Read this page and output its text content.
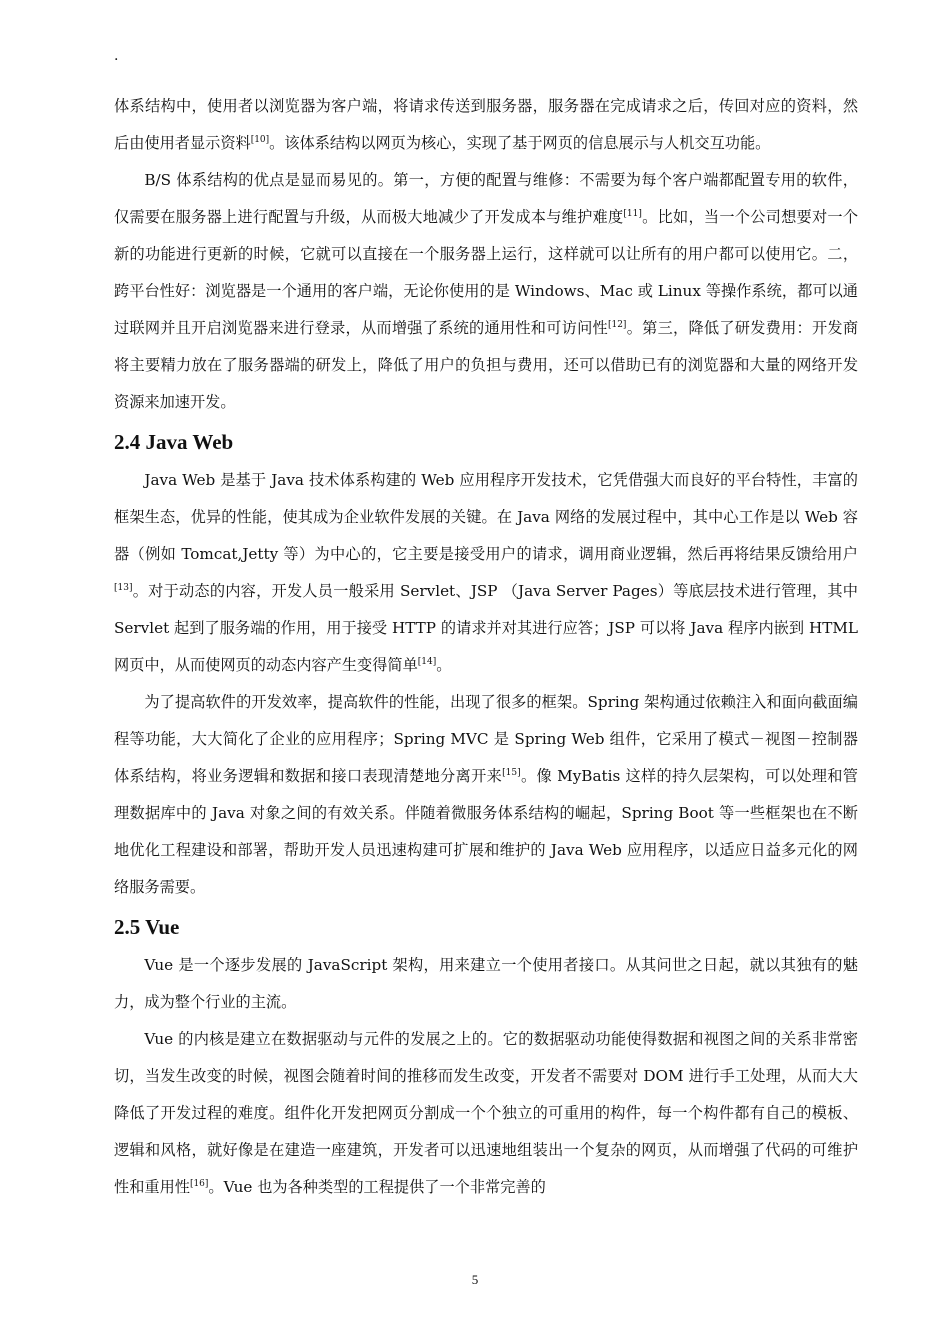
.

体系结构中，使用者以浏览器为客户端，将请求传送到服务器，服务器在完成请求之后，传回对应的资料，然后由使用者显示资料[10]。该体系结构以网页为核心，实现了基于网页的信息展示与人机交互功能。

B/S 体系结构的优点是显而易见的。第一，方便的配置与维修：不需要为每个客户端都配置专用的软件，仅需要在服务器上进行配置与升级，从而极大地减少了开发成本与维护难度[11]。比如，当一个公司想要对一个新的功能进行更新的时候，它就可以直接在一个服务器上运行，这样就可以让所有的用户都可以使用它。二，跨平台性好：浏览器是一个通用的客户端，无论你使用的是 Windows、Mac 或 Linux 等操作系统，都可以通过联网并且开启浏览器来进行登录，从而增强了系统的通用性和可访问性[12]。第三，降低了研发费用：开发商将主要精力放在了服务器端的研发上，降低了用户的负担与费用，还可以借助已有的浏览器和大量的网络开发资源来加速开发。

2.4 Java Web

Java Web 是基于 Java 技术体系构建的 Web 应用程序开发技术，它凭借强大而良好的平台特性，丰富的框架生态，优异的性能，使其成为企业软件发展的关键。在 Java 网络的发展过程中，其中心工作是以 Web 容器（例如 Tomcat,Jetty 等）为中心的，它主要是接受用户的请求，调用商业逻辑，然后再将结果反馈给用户[13]。对于动态的内容，开发人员一般采用 Servlet、JSP （Java Server Pages）等底层技术进行管理，其中 Servlet 起到了服务端的作用，用于接受 HTTP 的请求并对其进行应答；JSP 可以将 Java 程序内嵌到 HTML 网页中，从而使网页的动态内容产生变得简单[14]。

为了提高软件的开发效率，提高软件的性能，出现了很多的框架。Spring 架构通过依赖注入和面向截面编程等功能，大大简化了企业的应用程序；Spring MVC 是 Spring Web 组件，它采用了模式－视图－控制器体系结构，将业务逻辑和数据和接口表现清楚地分离开来[15]。像 MyBatis 这样的持久层架构，可以处理和管理数据库中的 Java 对象之间的有效关系。伴随着微服务体系结构的崛起，Spring Boot 等一些框架也在不断地优化工程建设和部署，帮助开发人员迅速构建可扩展和维护的 Java Web 应用程序，以适应日益多元化的网络服务需要。

2.5 Vue

Vue 是一个逐步发展的 JavaScript 架构，用来建立一个使用者接口。从其问世之日起，就以其独有的魅力，成为整个行业的主流。

Vue 的内核是建立在数据驱动与元件的发展之上的。它的数据驱动功能使得数据和视图之间的关系非常密切，当发生改变的时候，视图会随着时间的推移而发生改变，开发者不需要对 DOM 进行手工处理，从而大大降低了开发过程的难度。组件化开发把网页分割成一个个独立的可重用的构件，每一个构件都有自己的模板、逻辑和风格，就好像是在建造一座建筑，开发者可以迅速地组装出一个复杂的网页，从而增强了代码的可维护性和重用性[16]。Vue 也为各种类型的工程提供了一个非常完善的

5
